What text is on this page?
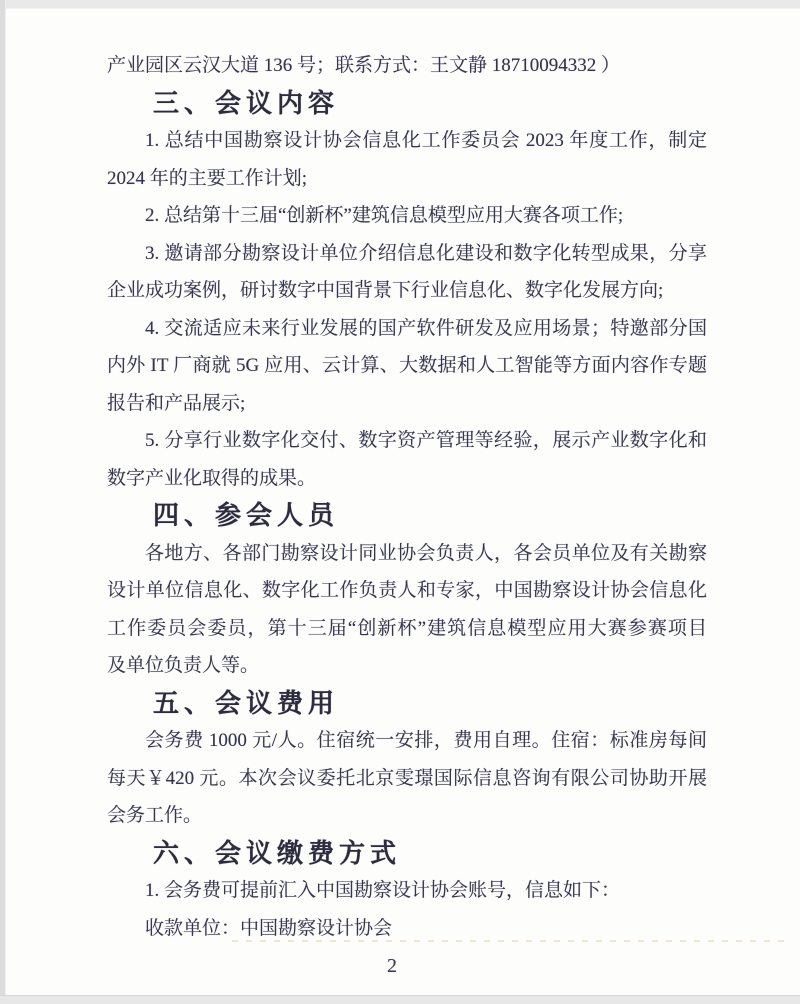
产业园区云汉大道 136 号；联系方式：王文静 18710094332 ）
三、会议内容
1. 总结中国勘察设计协会信息化工作委员会 2023 年度工作，制定
2024 年的主要工作计划;
2. 总结第十三届“创新杯”建筑信息模型应用大赛各项工作;
3. 邀请部分勘察设计单位介绍信息化建设和数字化转型成果，分享
企业成功案例，研讨数字中国背景下行业信息化、数字化发展方向;
4. 交流适应未来行业发展的国产软件研发及应用场景；特邀部分国
内外 IT 厂商就 5G 应用、云计算、大数据和人工智能等方面内容作专题
报告和产品展示;
5. 分享行业数字化交付、数字资产管理等经验，展示产业数字化和
数字产业化取得的成果。
四、参会人员
各地方、各部门勘察设计同业协会负责人，各会员单位及有关勘察
设计单位信息化、数字化工作负责人和专家，中国勘察设计协会信息化
工作委员会委员，第十三届“创新杯”建筑信息模型应用大赛参赛项目
及单位负责人等。
五、会议费用
会务费 1000 元/人。住宿统一安排，费用自理。住宿：标准房每间
每天￥420 元。本次会议委托北京雯璟国际信息咨询有限公司协助开展
会务工作。
六、会议缴费方式
1. 会务费可提前汇入中国勘察设计协会账号，信息如下：
收款单位：中国勘察设计协会
2
